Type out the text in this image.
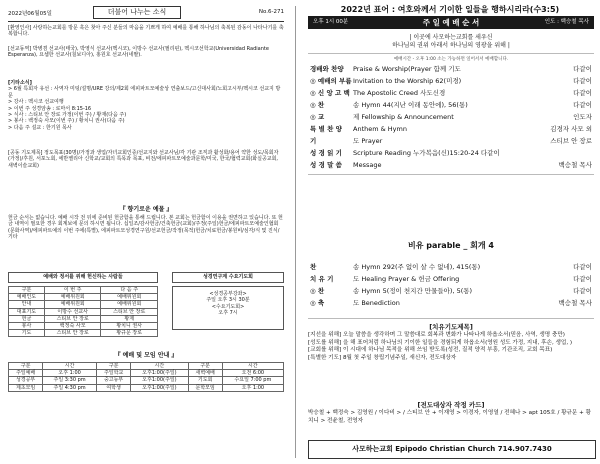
2022년06월05일	더불어 나누는 소식	No.6-271

[환영인사] 사랑하는교회를 방문 혹은 찾아 주신 분들의 마음을 기쁘게 하여 예배를 통해 하나님의 축복된 감동이 나타나기를 축복합니다.

[선교동역] 박병겸 선교사(태국), 박영식 선교사(멕시코), 이방수 선교사(필리핀), 멕시코선학교(Universidad Radiante Esperanza), 요셉한 선교사(칠보디아), 홍원호 선교사(네팔).

[기타소식]

> 6월 특회자 유선 : 사역자 미팅/설명/URE 강의/제2회 에피파트모예술상 연출보드/고신대사회/노회고시부/멕시코 선교지 방문

> 강사 : 멕시코 선교여행

> 이번 주 성경암송 : 로마서 8:15-16

> 식사 : 스티브 안 장로 가정(이번 주) / 황재(다음 주)

> 봉사 : 백정숙 사모(이번 주) / 황치니 권사(다음 주)

> 다음 주 설교 : 한기원 목사

[공동 기도제목] 정도목표(30명)/가정과 생업/자녀교회인증/선교지와 선교사님/각 기관 조직과 활성화/용어 약한 성도/목회자(가정)/후원, 서포노회, 에반젤리아 신학교/교회의 특목과 목표, 비전/에피파트모예술과문학/미국, 한국/협력교회(화실공교회, 새벽이슬교회)

『 향기로운 예물 』

헌금 순서는 없습니다. 예배 시작 전 뒤에 준비된 헌금함을 통해 드립니다. 본 교회는 헌금함이 이용을 권면하고 있습니다. 또 헌금 내역이 필요한 경우 회계보에 문의 하시면 됩니다. 십일조/감사헌금/건축헌금(교회)/주정(주일)헌금/에피파트모예술인협회(문화사역)/에피파트예의 이번 주에(특별), 에피파트모성경연구원/선교헌금/작정(목적)헌금/치료헌금/봉원비/심각/식 및 진식/기타

예배와 정서를 위해 헌신하는 사람들
구분	이 번 주	다 음 주
예배인도	예배위원회	예배위원회
안내	예배위원회	예배위원회
대표기도	이방수 선교사	스티브 안 장로
헌금	스티브 안 장로	황제
봉사	백정숙 사모	황치니 권사
기도	스티브 안 장로	황규문 장로
성경연구계 수요기도회
<성경공부강좌>
주일 오후 3시 30분
<수요기도회>
오후 7시
『 예배 및 모임 안내 』
구분	시간	구분	시간	구분	시간
주일예배	오후 1:00	주일학교	오후1:00(주일)	새벽예배	오전 6:00
성경공부	주일 3:30 pm	중고등부	오후1:00(주일)	기도회	수요일 7:00 pm
제초모임	주일 4:30 pm	여학생	오후1:00(주일)	문학모임	오후 1:00
2022년 표어 : 여호와께서 기이한 일들을 행하시리라(수3:5)
오후 1시 00분	주 일 예 배 순 서	인도 : 백승철 목사
| 이곳에 사모하는교회를 세우신
하나님의 권위 아래서 하나님의 영광을 위해 |
예배시간 - 오후 1:00 소는 가능하면 일어서서 예배합니다.
경배와 찬양 Praise & Worship(Prayer 함께 기도	다같이
◎ 예배의 부름 Invitation to the Worship 62(미경)	다같이
◎ 신 앙 고 백 The Apostolic Creed 사도신경	다같이
◎ 찬	송 Hymn 44(지난 이래 동안에), 56(통)	다같이
◎ 교	제 Fellowship & Announcement	인도자
특 별 찬 양 Anthem & Hymn	김경자 사모 외
기	도 Prayer	스티브 안 장로
성 경 읽 기 Scripture Reading 누가복음(신)15:20-24 다같이
성 경 말 씀 Message	백승철 목사
비유 parable _ 회개 4
찬	송 Hymn 292(주 없이 살 수 없네), 415(통)	다같이
치 유 기	도 Healing Prayer & 헌금 Offering	다같이
◎ 찬	송 Hymn 5(정이 천지간 만물들아), 5(통)	다같이
◎ 축	도 Benediction	백승철 목사
[치유기도제목]
[지선을 위해] 오늘 말씀을 생각하며 그 말씀대로 회복과 변화가 나타나게 하옵소서(믿음, 사역, 생명 충만)
[성도를 위해] 을 해 표어처럼 하나님의 기이한 일들을 경험되게 하옵소서(영원 성도 가정, 지내, 후손, 생업, )
[교회를 위해] 이 시대에 하나님 목적을 위해 쓰임 받도록(성전, 질적 양적 부흥, 기관조직, 교회 목표)
[특별한 기도] 8월 첫 주일 창립기념주일, 새신자, 전도대상자
[전도대상자 작정 카드]
박승철 + 백정숙 > 김영원 / 이다비 > / 스티브 안 + 이재영 > 이경자, 이영열 / 전혜나 > apt 105호 / 황규문 + 황치니 > 전윤철, 전영자
사모하는교회 Epipodo Christian Church 714.907.7430
